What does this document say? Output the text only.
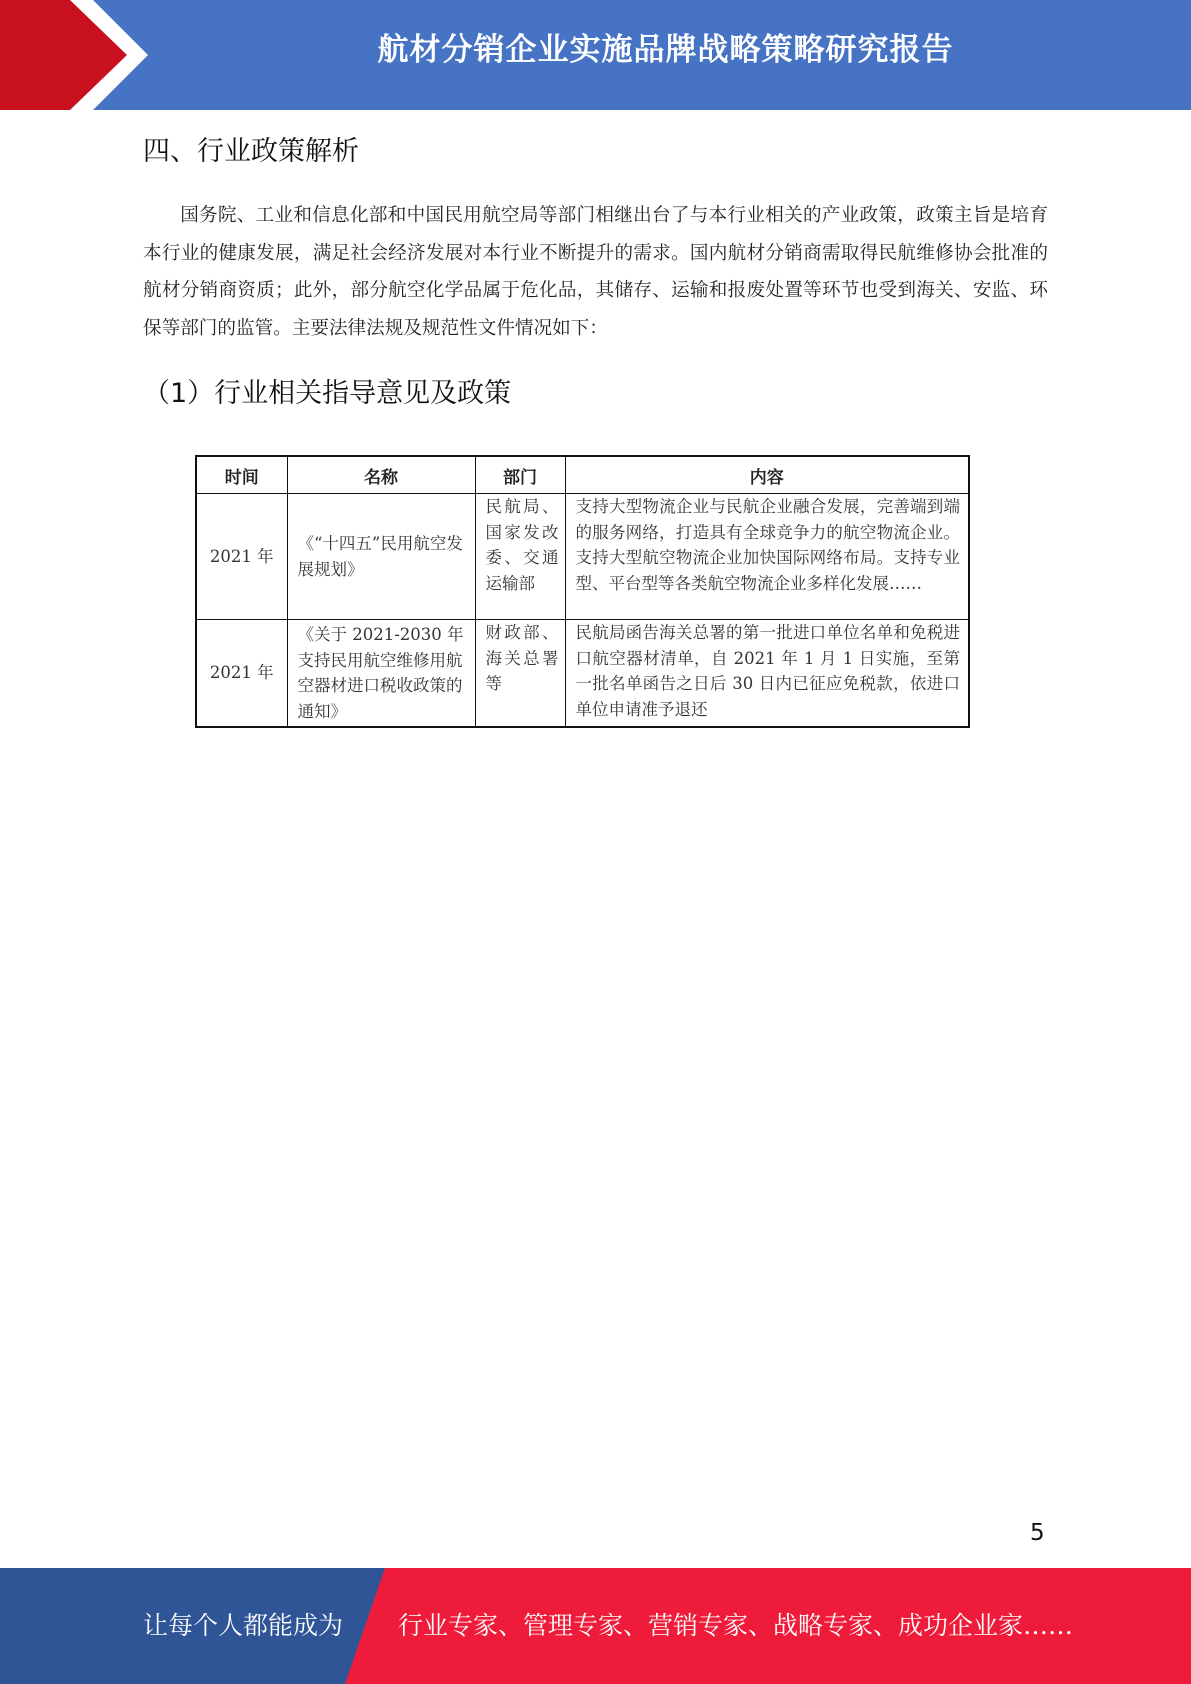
航材分销企业实施品牌战略策略研究报告
四、行业政策解析

国务院、工业和信息化部和中国民用航空局等部门相继出台了与本行业相关的产业政策，政策主旨是培育本行业的健康发展，满足社会经济发展对本行业不断提升的需求。国内航材分销商需取得民航维修协会批准的航材分销商资质；此外，部分航空化学品属于危化品，其储存、运输和报废处置等环节也受到海关、安监、环保等部门的监管。主要法律法规及规范性文件情况如下：

（1）行业相关指导意见及政策
时间	名称	部门	内容
2021 年	《“十四五”民用航空发展规划》	民航局、国家发改委、交通运输部	支持大型物流企业与民航企业融合发展，完善端到端的服务网络，打造具有全球竞争力的航空物流企业。支持大型航空物流企业加快国际网络布局。支持专业型、平台型等各类航空物流企业多样化发展……
2021 年	《关于 2021-2030 年支持民用航空维修用航空器材进口税收政策的通知》	财政部、海关总署等	民航局函告海关总署的第一批进口单位名单和免税进口航空器材清单，自 2021 年 1 月 1 日实施，至第一批名单函告之日后 30 日内已征应免税款，依进口单位申请准予退还
5
让每个人都能成为 行业专家、管理专家、营销专家、战略专家、成功企业家……
